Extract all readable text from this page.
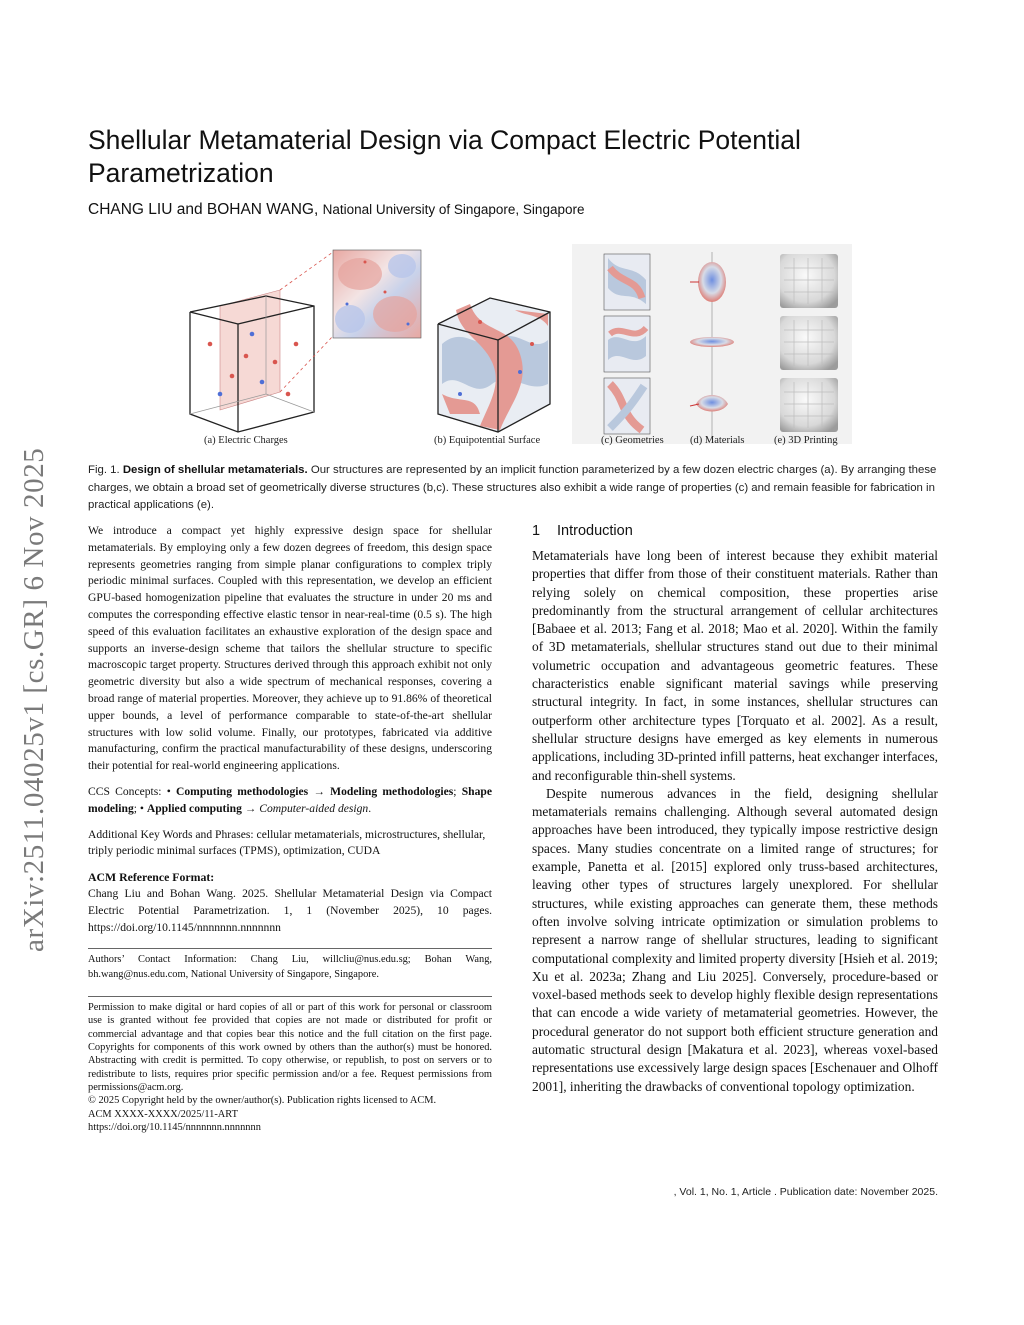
arXiv:2511.04025v1 [cs.GR] 6 Nov 2025
Shellular Metamaterial Design via Compact Electric Potential Parametrization
CHANG LIU and BOHAN WANG, National University of Singapore, Singapore
(a) Electric Charges	(b) Equipotential Surface	(c) Geometries	(d) Materials	(e) 3D Printing
Fig. 1. Design of shellular metamaterials. Our structures are represented by an implicit function parameterized by a few dozen electric charges (a). By arranging these charges, we obtain a broad set of geometrically diverse structures (b,c). These structures also exhibit a wide range of properties (c) and remain feasible for fabrication in practical applications (e).

We introduce a compact yet highly expressive design space for shellular metamaterials. By employing only a few dozen degrees of freedom, this design space represents geometries ranging from simple planar configurations to complex triply periodic minimal surfaces. Coupled with this representation, we develop an efficient GPU-based homogenization pipeline that evaluates the structure in under 20 ms and computes the corresponding effective elastic tensor in near-real-time (0.5 s). The high speed of this evaluation facilitates an exhaustive exploration of the design space and supports an inverse-design scheme that tailors the shellular structure to specific macroscopic target property. Structures derived through this approach exhibit not only geometric diversity but also a wide spectrum of mechanical responses, covering a broad range of material properties. Moreover, they achieve up to 91.86% of theoretical upper bounds, a level of performance comparable to state-of-the-art shellular structures with low solid volume. Finally, our prototypes, fabricated via additive manufacturing, confirm the practical manufacturability of these designs, underscoring their potential for real-world engineering applications.

CCS Concepts: • Computing methodologies → Modeling methodologies; Shape modeling; • Applied computing → Computer-aided design.

Additional Key Words and Phrases: cellular metamaterials, microstructures, shellular, triply periodic minimal surfaces (TPMS), optimization, CUDA

ACM Reference Format:

Chang Liu and Bohan Wang. 2025. Shellular Metamaterial Design via Compact Electric Potential Parametrization. 1, 1 (November 2025), 10 pages. https://doi.org/10.1145/nnnnnnn.nnnnnnn

Authors’ Contact Information: Chang Liu, willcliu@nus.edu.sg; Bohan Wang, bh.wang@nus.edu.com, National University of Singapore, Singapore.

Permission to make digital or hard copies of all or part of this work for personal or classroom use is granted without fee provided that copies are not made or distributed for profit or commercial advantage and that copies bear this notice and the full citation on the first page. Copyrights for components of this work owned by others than the author(s) must be honored. Abstracting with credit is permitted. To copy otherwise, or republish, to post on servers or to redistribute to lists, requires prior specific permission and/or a fee. Request permissions from permissions@acm.org.

© 2025 Copyright held by the owner/author(s). Publication rights licensed to ACM.

ACM XXXX-XXXX/2025/11-ART

https://doi.org/10.1145/nnnnnnn.nnnnnnn

1 Introduction

Metamaterials have long been of interest because they exhibit material properties that differ from those of their constituent materials. Rather than relying solely on chemical composition, these properties arise predominantly from the structural arrangement of cellular architectures [Babaee et al. 2013; Fang et al. 2018; Mao et al. 2020]. Within the family of 3D metamaterials, shellular structures stand out due to their minimal volumetric occupation and advantageous geometric features. These characteristics enable significant material savings while preserving structural integrity. In fact, in some instances, shellular structures can outperform other architecture types [Torquato et al. 2002]. As a result, shellular structure designs have emerged as key elements in numerous applications, including 3D-printed infill patterns, heat exchanger interfaces, and reconfigurable thin-shell systems.

Despite numerous advances in the field, designing shellular metamaterials remains challenging. Although several automated design approaches have been introduced, they typically impose restrictive design spaces. Many studies concentrate on a limited range of structures; for example, Panetta et al. [2015] explored only truss-based architectures, leaving other types of structures largely unexplored. For shellular structures, while existing approaches can generate them, these methods often involve solving intricate optimization or simulation problems to represent a narrow range of shellular structures, leading to significant computational complexity and limited property diversity [Hsieh et al. 2019; Xu et al. 2023a; Zhang and Liu 2025]. Conversely, procedure-based or voxel-based methods seek to develop highly flexible design representations that can encode a wide variety of metamaterial geometries. However, the procedural generator do not support both efficient structure generation and automatic structural design [Makatura et al. 2023], whereas voxel-based representations use excessively large design spaces [Eschenauer and Olhoff 2001], inheriting the drawbacks of conventional topology optimization.

, Vol. 1, No. 1, Article . Publication date: November 2025.
